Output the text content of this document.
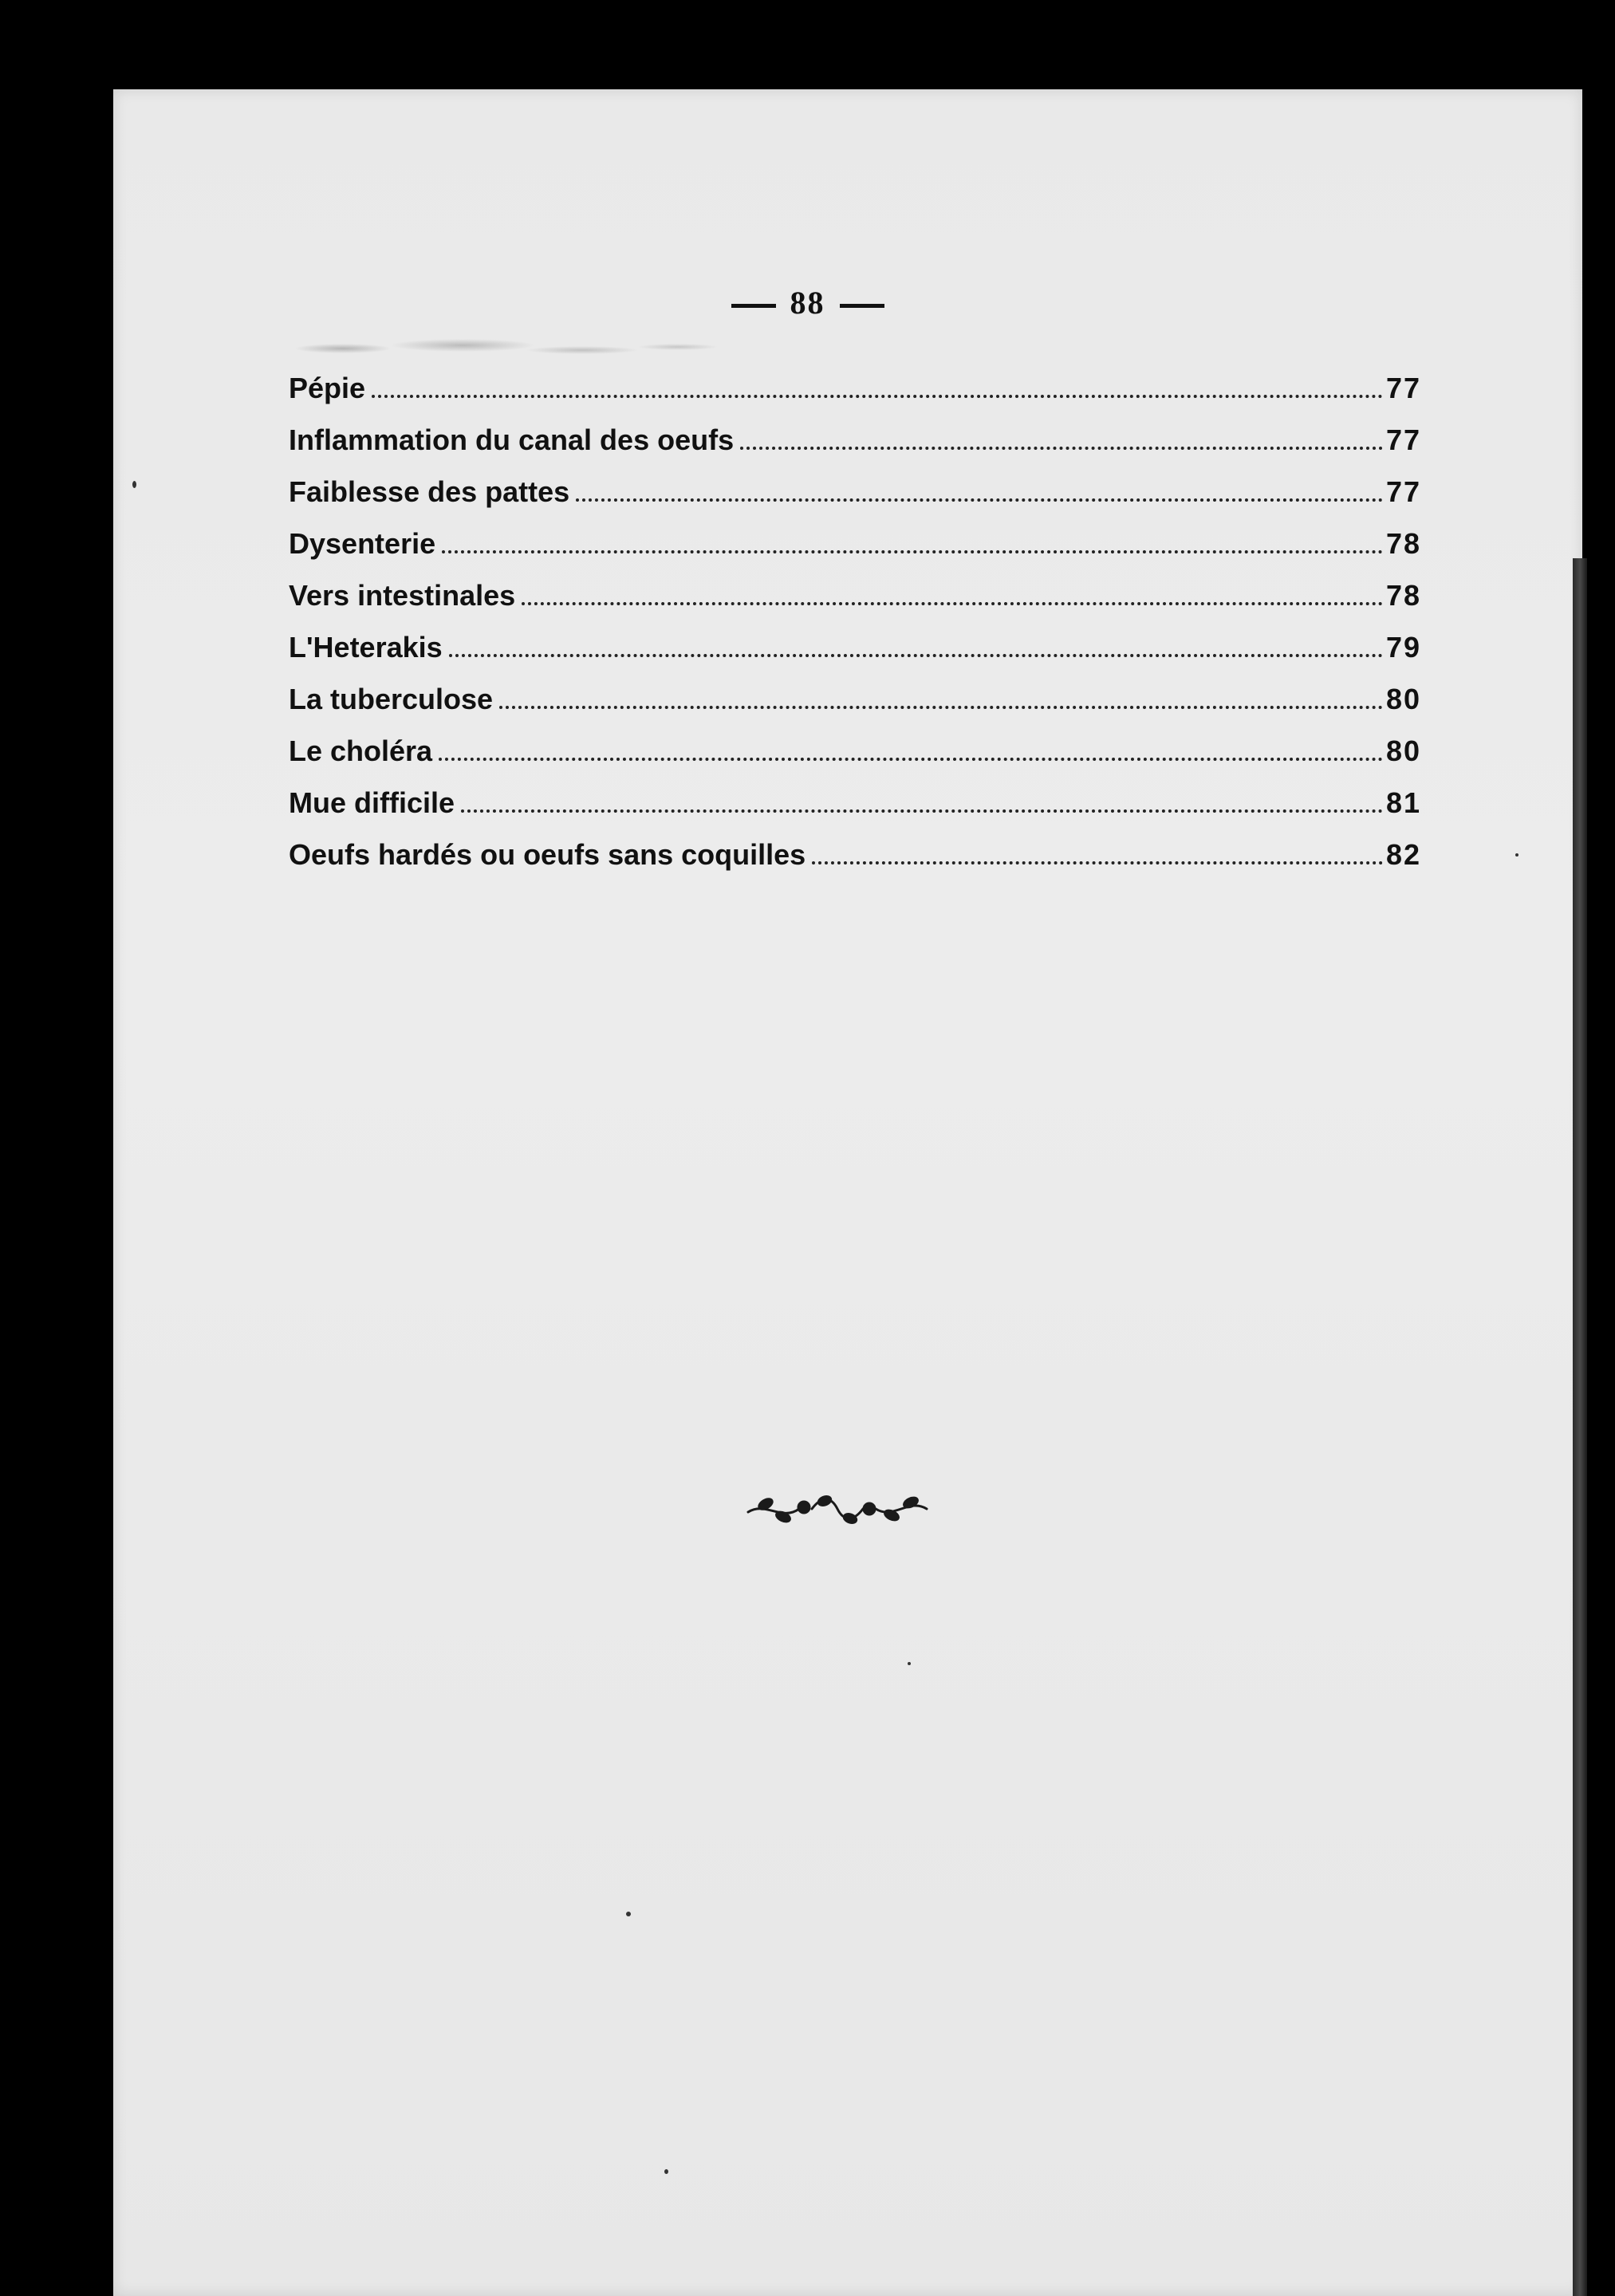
88
Pépie	77
Inflammation du canal des oeufs	77
Faiblesse des pattes	77
Dysenterie	78
Vers intestinales	78
L'Heterakis	79
La tuberculose	80
Le choléra	80
Mue difficile	81
Oeufs hardés ou oeufs sans coquilles	82
